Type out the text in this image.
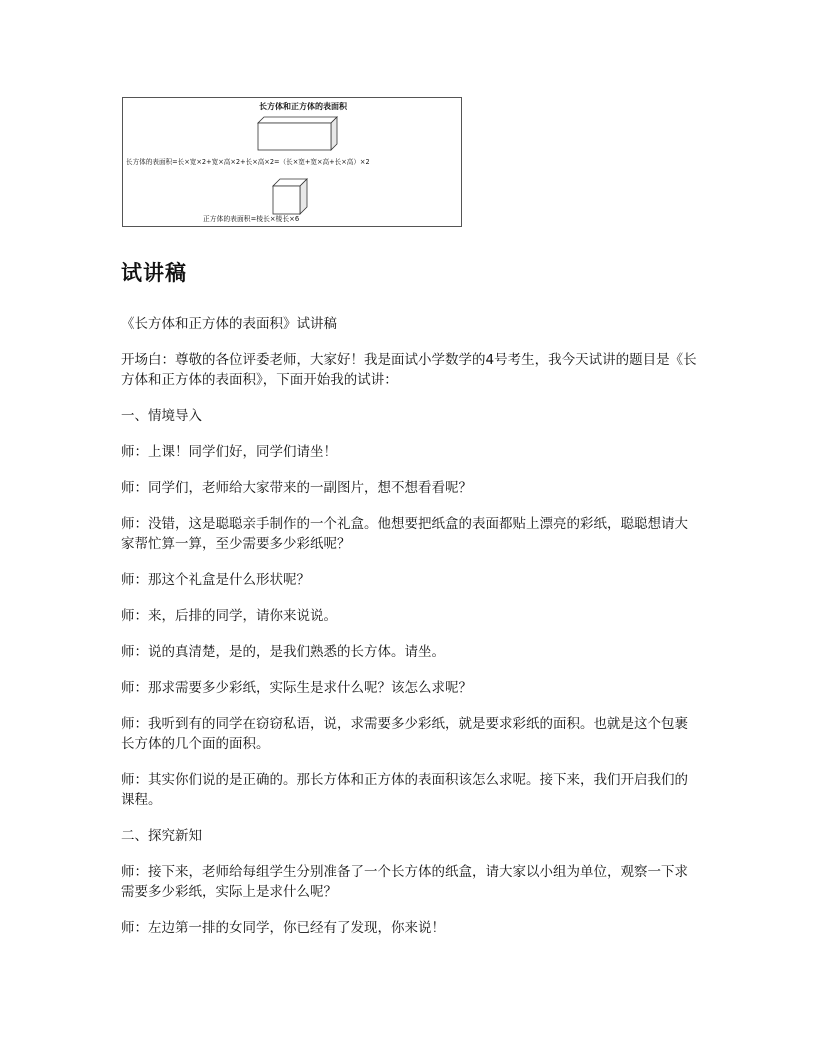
长方体和正方体的表面积
长方体的表面积=长×宽×2+宽×高×2+长×高×2=（长×宽+宽×高+长×高）×2
正方体的表面积=棱长×棱长×6
试讲稿

《长方体和正方体的表面积》试讲稿

开场白：尊敬的各位评委老师，大家好！我是面试小学数学的4号考生，我今天试讲的题目是《长方体和正方体的表面积》，下面开始我的试讲：

一、情境导入

师：上课！同学们好，同学们请坐！

师：同学们，老师给大家带来的一副图片，想不想看看呢？

师：没错，这是聪聪亲手制作的一个礼盒。他想要把纸盒的表面都贴上漂亮的彩纸，聪聪想请大家帮忙算一算，至少需要多少彩纸呢？

师：那这个礼盒是什么形状呢？

师：来，后排的同学，请你来说说。

师：说的真清楚，是的，是我们熟悉的长方体。请坐。

师：那求需要多少彩纸，实际生是求什么呢？该怎么求呢？

师：我听到有的同学在窃窃私语，说，求需要多少彩纸，就是要求彩纸的面积。也就是这个包裹长方体的几个面的面积。

师：其实你们说的是正确的。那长方体和正方体的表面积该怎么求呢。接下来，我们开启我们的课程。

二、探究新知

师：接下来，老师给每组学生分别准备了一个长方体的纸盒，请大家以小组为单位，观察一下求需要多少彩纸，实际上是求什么呢？

师：左边第一排的女同学，你已经有了发现，你来说！
